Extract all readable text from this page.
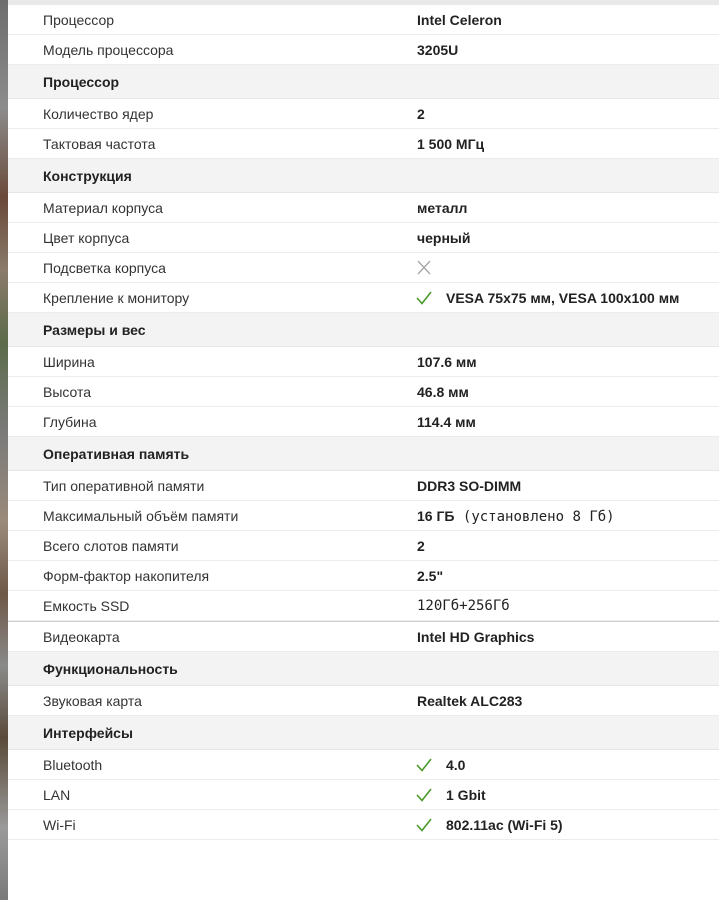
Процессор	Intel Celeron
Модель процессора	3205U
Процессор
Количество ядер	2
Тактовая частота	1 500 МГц
Конструкция
Материал корпуса	металл
Цвет корпуса	черный
Подсветка корпуса
Крепление к монитору	VESA 75x75 мм, VESA 100x100 мм
Размеры и вес
Ширина	107.6 мм
Высота	46.8 мм
Глубина	114.4 мм
Оперативная память
Тип оперативной памяти	DDR3 SO-DIMM
Максимальный объём памяти	16 ГБ (установлено 8 Гб)
Всего слотов памяти	2
Форм-фактор накопителя	2.5"
Емкость SSD	120Гб+256Гб
Видеокарта	Intel HD Graphics
Функциональность
Звуковая карта	Realtek ALC283
Интерфейсы
Bluetooth	4.0
LAN	1 Gbit
Wi-Fi	802.11ac (Wi-Fi 5)
